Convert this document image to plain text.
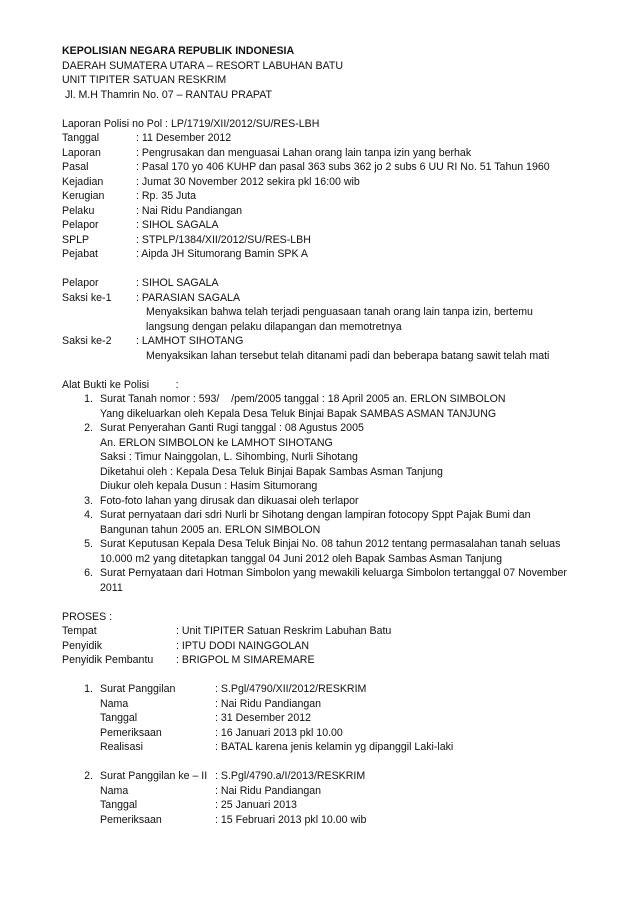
KEPOLISIAN NEGARA REPUBLIK INDONESIA
DAERAH SUMATERA UTARA – RESORT LABUHAN BATU
UNIT TIPITER SATUAN RESKRIM
Jl. M.H Thamrin No. 07 – RANTAU PRAPAT
Laporan Polisi no Pol : LP/1719/XII/2012/SU/RES-LBH
Tanggal	: 11 Desember 2012
Laporan	: Pengrusakan dan menguasai Lahan orang lain tanpa izin yang berhak
Pasal	: Pasal 170 yo 406 KUHP dan pasal 363 subs 362 jo 2 subs 6 UU RI No. 51 Tahun 1960
Kejadian	: Jumat 30 November 2012 sekira pkl 16:00 wib
Kerugian	: Rp. 35 Juta
Pelaku	: Nai Ridu Pandiangan
Pelapor	: SIHOL SAGALA
SPLP	: STPLP/1384/XII/2012/SU/RES-LBH
Pejabat	: Aipda JH Situmorang Bamin SPK A
Pelapor	: SIHOL SAGALA
Saksi ke-1	: PARASIAN SAGALA
Menyaksikan bahwa telah terjadi penguasaan tanah orang lain tanpa izin, bertemu
langsung dengan pelaku dilapangan dan memotretnya
Saksi ke-2	: LAMHOT SIHOTANG
Menyaksikan lahan tersebut telah ditanami padi dan beberapa batang sawit telah mati
Alat Bukti ke Polisi         :
1. Surat Tanah nomor : 593/    /pem/2005 tanggal : 18 April 2005 an. ERLON SIMBOLON
Yang dikeluarkan oleh Kepala Desa Teluk Binjai Bapak SAMBAS ASMAN TANJUNG
2. Surat Penyerahan Ganti Rugi tanggal : 08 Agustus 2005
An. ERLON SIMBOLON ke LAMHOT SIHOTANG
Saksi : Timur Nainggolan, L. Sihombing, Nurli Sihotang
Diketahui oleh : Kepala Desa Teluk Binjai Bapak Sambas Asman Tanjung
Diukur oleh kepala Dusun : Hasim Situmorang
3. Foto-foto lahan yang dirusak dan dikuasai oleh terlapor
4. Surat pernyataan dari sdri Nurli br Sihotang dengan lampiran fotocopy Sppt Pajak Bumi dan
Bangunan tahun 2005 an. ERLON SIMBOLON
5. Surat Keputusan Kepala Desa Teluk Binjai No. 08 tahun 2012 tentang permasalahan tanah seluas
10.000 m2 yang ditetapkan tanggal 04 Juni 2012 oleh Bapak Sambas Asman Tanjung
6. Surat Pernyataan dari Hotman Simbolon yang mewakili keluarga Simbolon tertanggal 07 November
2011
PROSES :
Tempat	: Unit TIPITER Satuan Reskrim Labuhan Batu
Penyidik	: IPTU DODI NAINGGOLAN
Penyidik Pembantu	: BRIGPOL M SIMAREMARE
1. Surat Panggilan	: S.Pgl/4790/XII/2012/RESKRIM
Nama	: Nai Ridu Pandiangan
Tanggal	: 31 Desember 2012
Pemeriksaan	: 16 Januari 2013 pkl 10.00
Realisasi	: BATAL karena jenis kelamin yg dipanggil Laki-laki
2. Surat Panggilan ke – II : S.Pgl/4790.a/I/2013/RESKRIM
Nama	: Nai Ridu Pandiangan
Tanggal	: 25 Januari 2013
Pemeriksaan	: 15 Februari 2013 pkl 10.00 wib
